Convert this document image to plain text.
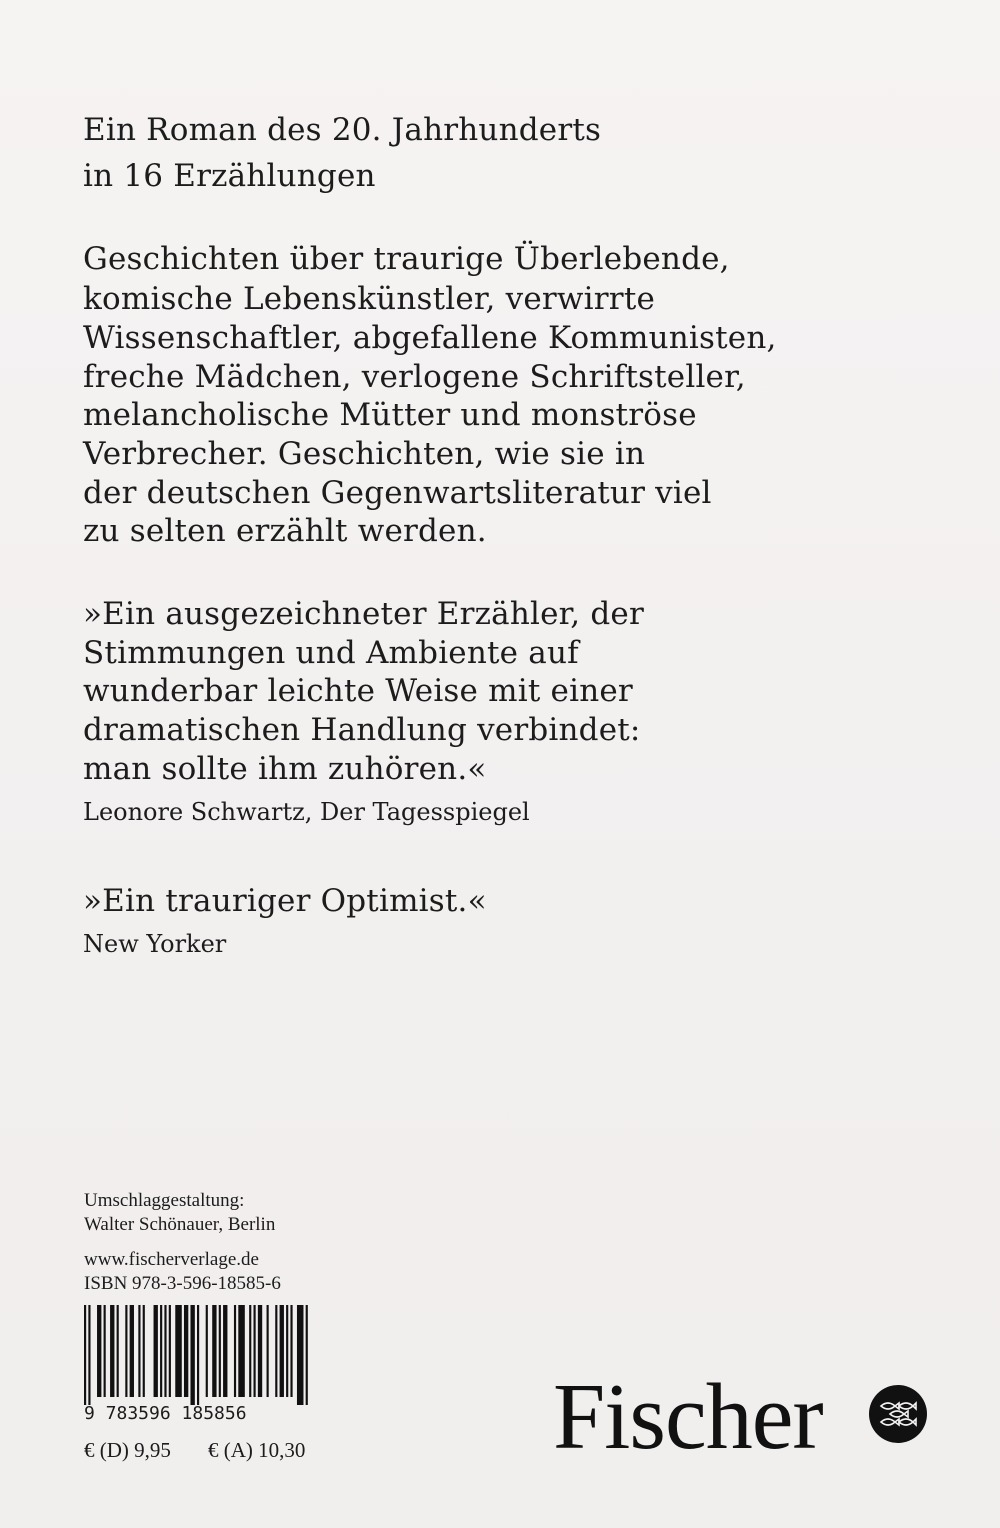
Ein Roman des 20. Jahrhunderts
in 16 Erzählungen
Geschichten über traurige Überlebende,
komische Lebenskünstler, verwirrte
Wissenschaftler, abgefallene Kommunisten,
freche Mädchen, verlogene Schriftsteller,
melancholische Mütter und monströse
Verbrecher. Geschichten, wie sie in
der deutschen Gegenwartsliteratur viel
zu selten erzählt werden.
»Ein ausgezeichneter Erzähler, der
Stimmungen und Ambiente auf
wunderbar leichte Weise mit einer
dramatischen Handlung verbindet:
man sollte ihm zuhören.«
Leonore Schwartz, Der Tagesspiegel
»Ein trauriger Optimist.«
New Yorker
Umschlaggestaltung:
Walter Schönauer, Berlin
www.fischerverlage.de
ISBN 978-3-596-18585-6
9 783596 185856
€ (D) 9,95 € (A) 10,30	Fischer
